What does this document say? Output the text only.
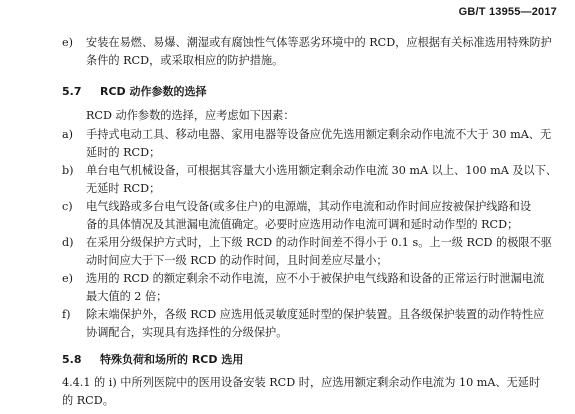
GB/T 13955—2017
e) 安装在易燃、易爆、潮湿或有腐蚀性气体等恶劣环境中的 RCD，应根据有关标准选用特殊防护
条件的 RCD，或采取相应的防护措施。
5.7 RCD 动作参数的选择
RCD 动作参数的选择，应考虑如下因素：
a) 手持式电动工具、移动电器、家用电器等设备应优先选用额定剩余动作电流不大于 30 mA、无
延时的 RCD；
b) 单台电气机械设备，可根据其容量大小选用额定剩余动作电流 30 mA 以上、100 mA 及以下、
无延时 RCD；
c) 电气线路或多台电气设备(或多住户)的电源端，其动作电流和动作时间应按被保护线路和设
备的具体情况及其泄漏电流值确定。必要时应选用动作电流可调和延时动作型的 RCD；
d) 在采用分级保护方式时，上下级 RCD 的动作时间差不得小于 0.1 s。上一级 RCD 的极限不驱
动时间应大于下一级 RCD 的动作时间，且时间差应尽量小；
e) 选用的 RCD 的额定剩余不动作电流，应不小于被保护电气线路和设备的正常运行时泄漏电流
最大值的 2 倍；
f) 除末端保护外，各级 RCD 应选用低灵敏度延时型的保护装置。且各级保护装置的动作特性应
协调配合，实现具有选择性的分级保护。
5.8 特殊负荷和场所的 RCD 选用
4.4.1 的 i) 中所列医院中的医用设备安装 RCD 时，应选用额定剩余动作电流为 10 mA、无延时
的 RCD。
